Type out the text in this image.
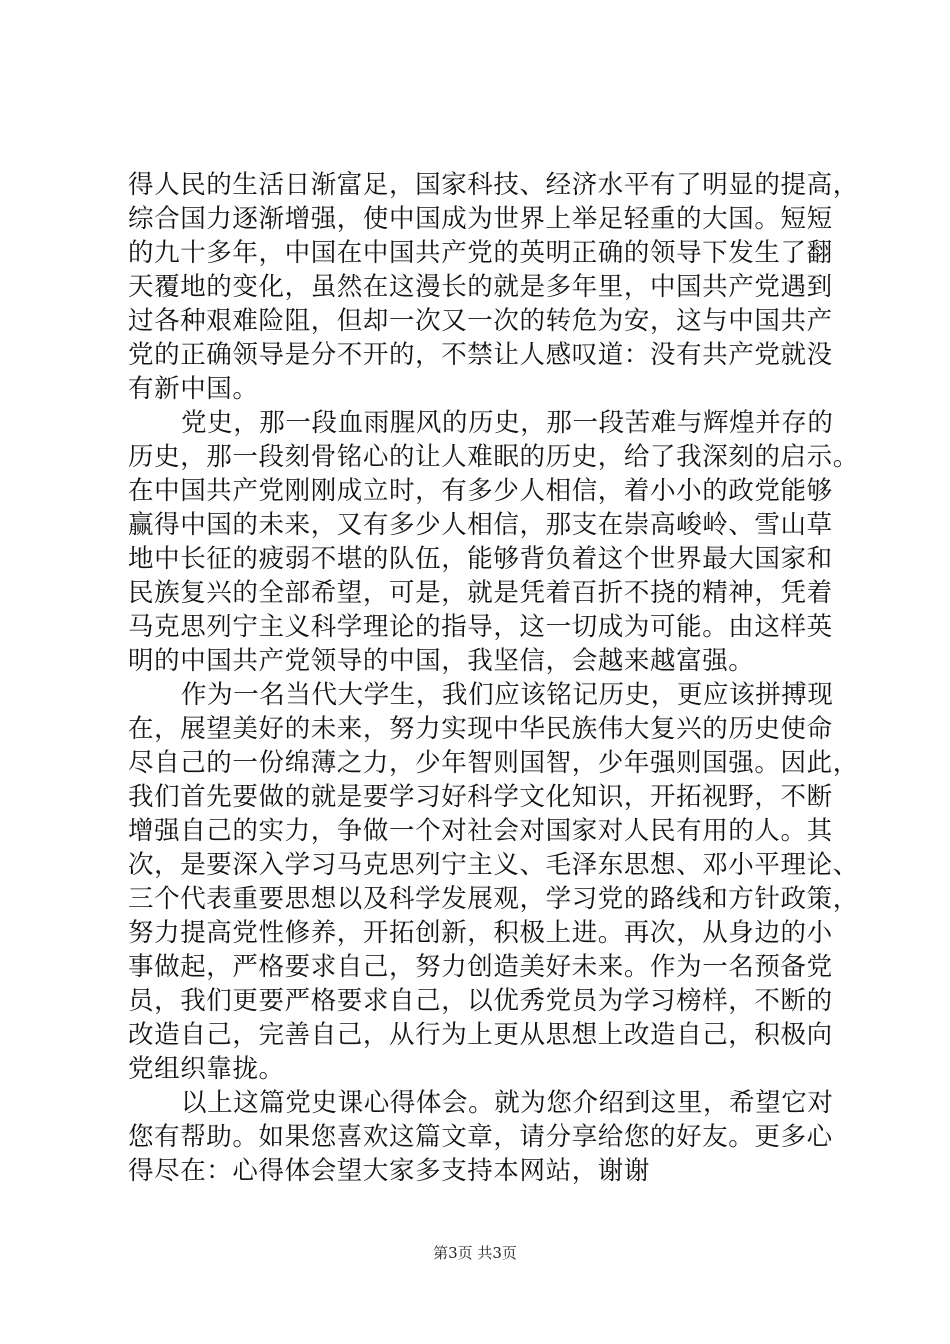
得人民的生活日渐富足，国家科技、经济水平有了明显的提高，
综合国力逐渐增强，使中国成为世界上举足轻重的大国。短短
的九十多年，中国在中国共产党的英明正确的领导下发生了翻
天覆地的变化，虽然在这漫长的就是多年里，中国共产党遇到
过各种艰难险阻，但却一次又一次的转危为安，这与中国共产
党的正确领导是分不开的，不禁让人感叹道：没有共产党就没
有新中国。
党史，那一段血雨腥风的历史，那一段苦难与辉煌并存的
历史，那一段刻骨铭心的让人难眠的历史，给了我深刻的启示。
在中国共产党刚刚成立时，有多少人相信，着小小的政党能够
赢得中国的未来，又有多少人相信，那支在崇高峻岭、雪山草
地中长征的疲弱不堪的队伍，能够背负着这个世界最大国家和
民族复兴的全部希望，可是，就是凭着百折不挠的精神，凭着
马克思列宁主义科学理论的指导，这一切成为可能。由这样英
明的中国共产党领导的中国，我坚信，会越来越富强。
作为一名当代大学生，我们应该铭记历史，更应该拼搏现
在，展望美好的未来，努力实现中华民族伟大复兴的历史使命
尽自己的一份绵薄之力，少年智则国智，少年强则国强。因此，
我们首先要做的就是要学习好科学文化知识，开拓视野，不断
增强自己的实力，争做一个对社会对国家对人民有用的人。其
次，是要深入学习马克思列宁主义、毛泽东思想、邓小平理论、
三个代表重要思想以及科学发展观，学习党的路线和方针政策，
努力提高党性修养，开拓创新，积极上进。再次，从身边的小
事做起，严格要求自己，努力创造美好未来。作为一名预备党
员，我们更要严格要求自己，以优秀党员为学习榜样，不断的
改造自己，完善自己，从行为上更从思想上改造自己，积极向
党组织靠拢。
以上这篇党史课心得体会。就为您介绍到这里，希望它对
您有帮助。如果您喜欢这篇文章，请分享给您的好友。更多心
得尽在：心得体会望大家多支持本网站，谢谢
第3页 共3页
